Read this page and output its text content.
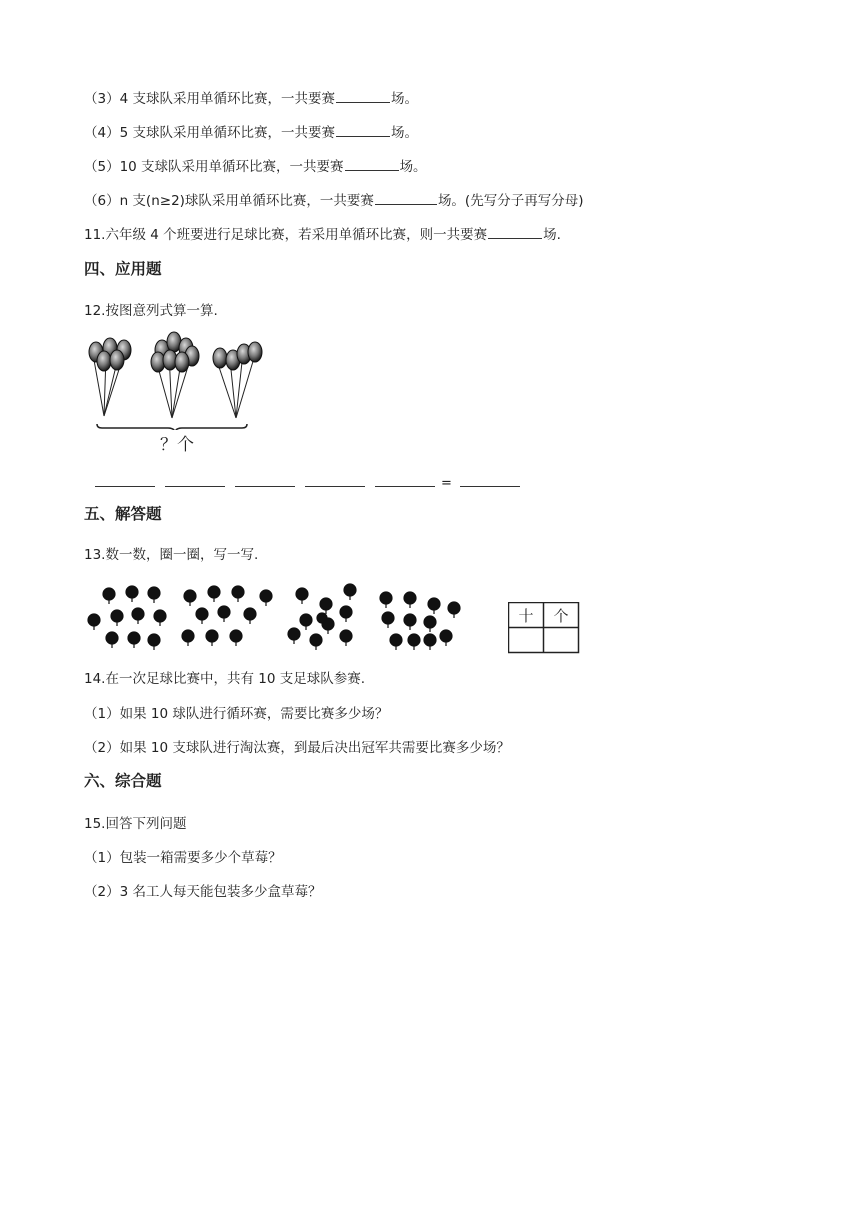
（3）4 支球队采用单循环比赛，一共要赛	场。
（4）5 支球队采用单循环比赛，一共要赛	场。
（5）10 支球队采用单循环比赛，一共要赛	场。
（6）n 支(n≥2)球队采用单循环比赛，一共要赛	场。(先写分子再写分母)
11.六年级 4 个班要进行足球比赛，若采用单循环比赛，则一共要赛	场.
四、应用题
12.按图意列式算一算.
？个
=
五、解答题
13.数一数，圈一圈，写一写.
十 个
14.在一次足球比赛中，共有 10 支足球队参赛.
（1）如果 10 球队进行循环赛，需要比赛多少场？
（2）如果 10 支球队进行淘汰赛，到最后决出冠军共需要比赛多少场？
六、综合题
15.回答下列问题
（1）包装一箱需要多少个草莓？
（2）3 名工人每天能包装多少盒草莓？
